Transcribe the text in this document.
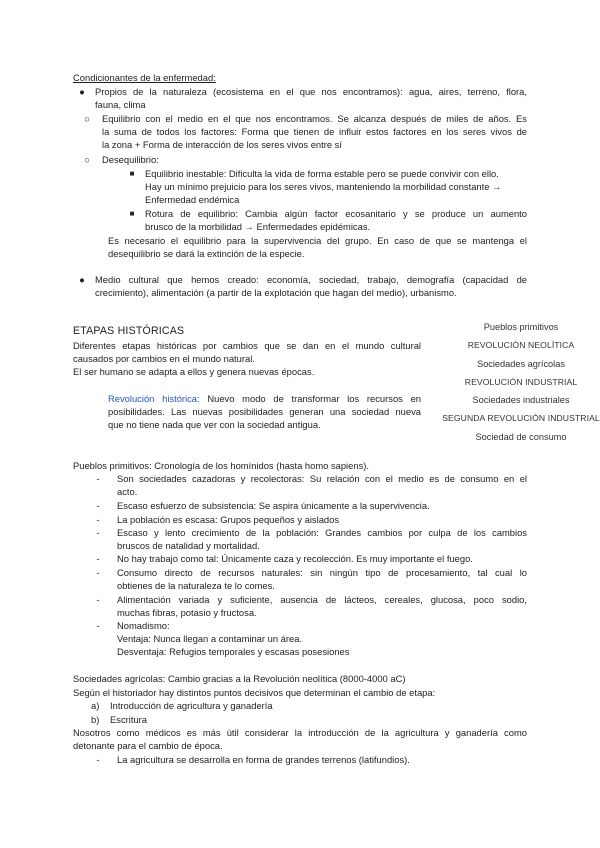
Condicionantes de la enfermedad:
● Propios de la naturaleza (ecosistema en el que nos encontramos): agua, aires, terreno, flora,
fauna, clima
○ Equilibrio con el medio en el que nos encontramos. Se alcanza después de miles de años. Es
la suma de todos los factores: Forma que tienen de influir estos factores en los seres vivos de
la zona + Forma de interacción de los seres vivos entre sí
○ Desequilibrio:
■ Equilibrio inestable: Dificulta la vida de forma estable pero se puede convivir con ello.
Hay un mínimo prejuicio para los seres vivos, manteniendo la morbilidad constante →
Enfermedad endémica
■ Rotura de equilibrio: Cambia algún factor ecosanitario y se produce un aumento
brusco de la morbilidad → Enfermedades epidémicas.
Es necesario el equilibrio para la supervivencia del grupo. En caso de que se mantenga el
desequilibrio se dará la extinción de la especie.
● Medio cultural que hemos creado: economía, sociedad, trabajo, demografía (capacidad de
crecimiento), alimentación (a partir de la explotación que hagan del medio), urbanismo.
ETAPAS HISTÓRICAS
Diferentes etapas históricas por cambios que se dan en el mundo cultural
causados por cambios en el mundo natural.
El ser humano se adapta a ellos y genera nuevas épocas.
Revolución histórica: Nuevo modo de transformar los recursos en
posibilidades. Las nuevas posibilidades generan una sociedad nueva
que no tiene nada que ver con la sociedad antigua.
Pueblos primitivos
REVOLUCIÓN NEOLÍTICA
Sociedades agrícolas
REVOLUCIÓN INDUSTRIAL
Sociedades industriales
SEGUNDA REVOLUCIÓN INDUSTRIAL
Sociedad de consumo
Pueblos primitivos: Cronología de los homínidos (hasta homo sapiens).
-	Son sociedades cazadoras y recolectoras: Su relación con el medio es de consumo en el
acto.
-	Escaso esfuerzo de subsistencia: Se aspira únicamente a la supervivencia.
-	La población es escasa: Grupos pequeños y aislados
-	Escaso y lento crecimiento de la población: Grandes cambios por culpa de los cambios
bruscos de natalidad y mortalidad.
-	No hay trabajo como tal: Únicamente caza y recolección. Es muy importante el fuego.
-	Consumo directo de recursos naturales: sin ningún tipo de procesamiento, tal cual lo
obtienes de la naturaleza te lo comes.
-	Alimentación variada y suficiente, ausencia de lácteos, cereales, glucosa, poco sodio,
muchas fibras, potasio y fructosa.
-	Nomadismo:
Ventaja: Nunca llegan a contaminar un área.
Desventaja: Refugios temporales y escasas posesiones
Sociedades agrícolas: Cambio gracias a la Revolución neolítica (8000-4000 aC)
Según el historiador hay distintos puntos decisivos que determinan el cambio de etapa:
a) Introducción de agricultura y ganadería
b) Escritura
Nosotros como médicos es más útil considerar la introducción de la agricultura y ganadería como
detonante para el cambio de época.
-	La agricultura se desarrolla en forma de grandes terrenos (latifundios).
